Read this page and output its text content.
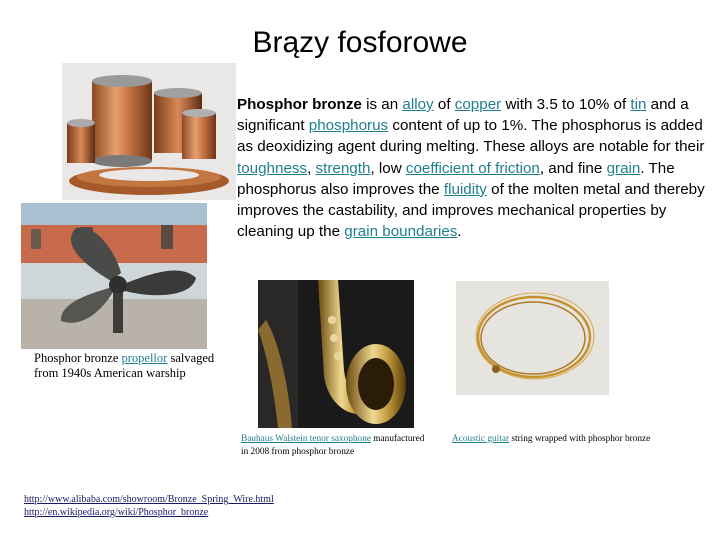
Brązy fosforowe
Phosphor bronze propellor salvaged from 1940s American warship
Bauhaus Walstein tenor saxophone manufactured in 2008 from phosphor bronze
Acoustic guitar string wrapped with phosphor bronze
Phosphor bronze is an alloy of copper with 3.5 to 10% of tin and a significant phosphorus content of up to 1%. The phosphorus is added as deoxidizing agent during melting. These alloys are notable for their toughness, strength, low coefficient of friction, and fine grain. The phosphorus also improves the fluidity of the molten metal and thereby improves the castability, and improves mechanical properties by cleaning up the grain boundaries.
http://www.alibaba.com/showroom/Bronze_Spring_Wire.html
http://en.wikipedia.org/wiki/Phosphor_bronze
